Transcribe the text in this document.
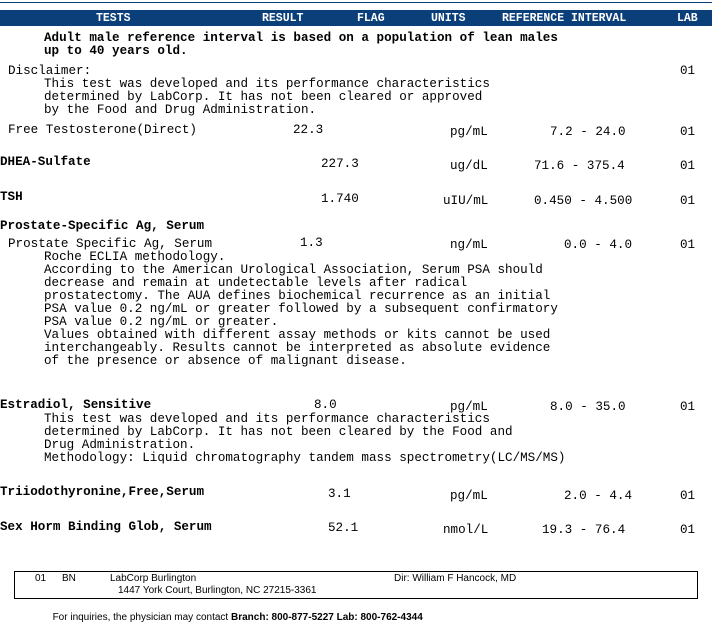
TESTS	RESULT	FLAG	UNITS	REFERENCE INTERVAL	LAB
Adult male reference interval is based on a population of lean males
up to 40 years old.
Disclaimer:	01
This test was developed and its performance characteristics
determined by LabCorp. It has not been cleared or approved
by the Food and Drug Administration.
Free Testosterone(Direct)	22.3	pg/mL	7.2 - 24.0	01
DHEA-Sulfate	227.3	ug/dL	71.6 - 375.4	01
TSH	1.740	uIU/mL	0.450 - 4.500	01
Prostate-Specific Ag, Serum
Prostate Specific Ag, Serum	1.3	ng/mL	0.0 - 4.0	01
Roche ECLIA methodology.
According to the American Urological Association, Serum PSA should
decrease and remain at undetectable levels after radical
prostatectomy. The AUA defines biochemical recurrence as an initial
PSA value 0.2 ng/mL or greater followed by a subsequent confirmatory
PSA value 0.2 ng/mL or greater.
Values obtained with different assay methods or kits cannot be used
interchangeably. Results cannot be interpreted as absolute evidence
of the presence or absence of malignant disease.
Estradiol, Sensitive	8.0	pg/mL	8.0 - 35.0	01
This test was developed and its performance characteristics
determined by LabCorp. It has not been cleared by the Food and
Drug Administration.
Methodology: Liquid chromatography tandem mass spectrometry(LC/MS/MS)
Triiodothyronine,Free,Serum	3.1	pg/mL	2.0 - 4.4	01
Sex Horm Binding Glob, Serum	52.1	nmol/L	19.3 - 76.4	01
01 BN	LabCorp Burlington
1447 York Court, Burlington, NC 27215-3361
Dir: William F Hancock, MD

For inquiries, the physician may contact Branch: 800-877-5227 Lab: 800-762-4344
